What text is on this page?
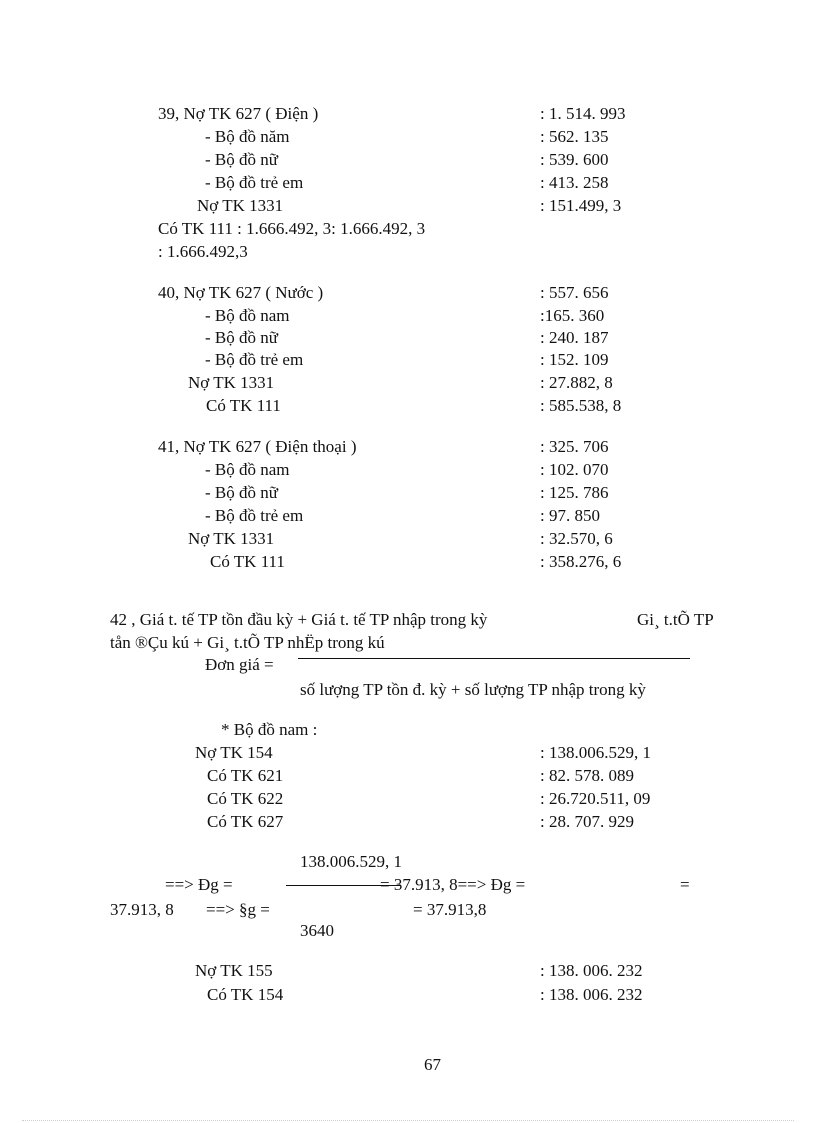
39, Nợ TK 627 ( Điện )	: 1. 514. 993
- Bộ đồ năm	: 562. 135
- Bộ đồ nữ	: 539. 600
- Bộ đồ trẻ em	: 413. 258
Nợ TK 1331	: 151.499, 3
Có TK 111 : 1.666.492, 3: 1.666.492, 3
: 1.666.492,3
40, Nợ TK 627 ( Nước )	: 557. 656
- Bộ đồ nam	:165. 360
- Bộ đồ nữ	: 240. 187
- Bộ đồ trẻ em	: 152. 109
Nợ TK 1331	: 27.882, 8
Có TK 111	: 585.538, 8
41, Nợ TK 627 ( Điện thoại )	: 325. 706
- Bộ đồ nam	: 102. 070
- Bộ đồ nữ	: 125. 786
- Bộ đồ trẻ em	: 97. 850
Nợ TK 1331	: 32.570, 6
Có TK 111	: 358.276, 6
42 , Giá t. tế TP tồn đầu kỳ + Giá t. tế TP nhập trong kỳ	Gi¸ t.tÕ TP
tån ®Çu kú + Gi¸ t.tÕ TP nhËp trong kú
Đơn giá =
số lượng TP tồn đ. kỳ + số lượng TP nhập trong kỳ
* Bộ đồ nam :
Nợ TK 154	: 138.006.529, 1
Có TK 621	: 82. 578. 089
Có TK 622	: 26.720.511, 09
Có TK 627	: 28. 707. 929
138.006.529, 1
==> Đg =	= 37.913, 8==> Đg =	=
37.913, 8 ==> §g =	= 37.913,8
3640
Nợ TK 155	: 138. 006. 232
Có TK 154	: 138. 006. 232
67
